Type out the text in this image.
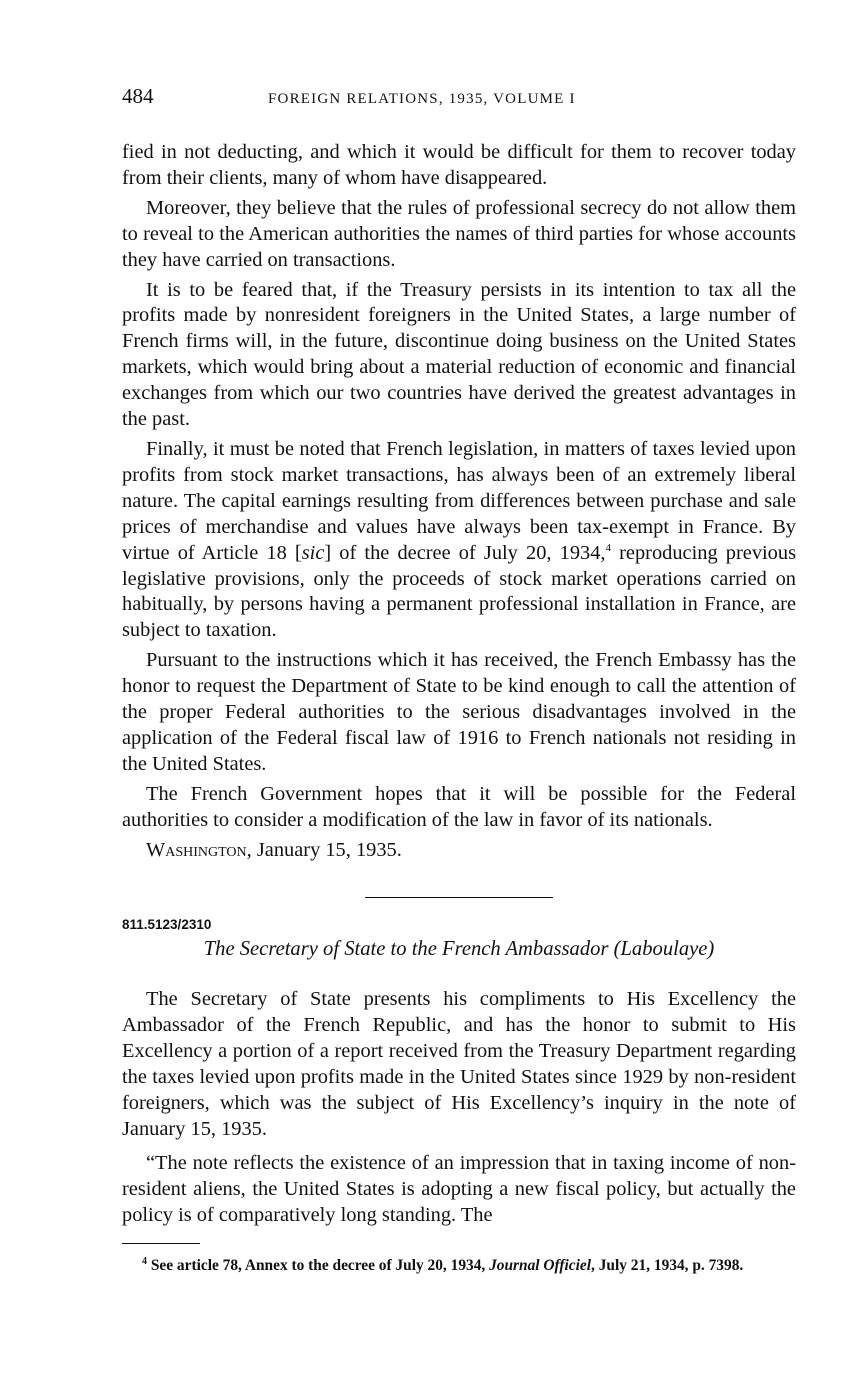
484	FOREIGN RELATIONS, 1935, VOLUME I

fied in not deducting, and which it would be difficult for them to recover today from their clients, many of whom have disappeared.

Moreover, they believe that the rules of professional secrecy do not allow them to reveal to the American authorities the names of third parties for whose accounts they have carried on transactions.

It is to be feared that, if the Treasury persists in its intention to tax all the profits made by nonresident foreigners in the United States, a large number of French firms will, in the future, discontinue doing business on the United States markets, which would bring about a material reduction of economic and financial exchanges from which our two countries have derived the greatest advantages in the past.

Finally, it must be noted that French legislation, in matters of taxes levied upon profits from stock market transactions, has always been of an extremely liberal nature. The capital earnings resulting from differences between purchase and sale prices of merchandise and values have always been tax-exempt in France. By virtue of Article 18 [sic] of the decree of July 20, 1934,$^4$ reproducing previous legislative provisions, only the proceeds of stock market operations carried on habitually, by persons having a permanent professional installation in France, are subject to taxation.

Pursuant to the instructions which it has received, the French Embassy has the honor to request the Department of State to be kind enough to call the attention of the proper Federal authorities to the serious disadvantages involved in the application of the Federal fiscal law of 1916 to French nationals not residing in the United States.

The French Government hopes that it will be possible for the Federal authorities to consider a modification of the law in favor of its nationals.

Washington, January 15, 1935.

811.5123/2310
The Secretary of State to the French Ambassador (Laboulaye)

The Secretary of State presents his compliments to His Excellency the Ambassador of the French Republic, and has the honor to submit to His Excellency a portion of a report received from the Treasury Department regarding the taxes levied upon profits made in the United States since 1929 by non-resident foreigners, which was the subject of His Excellency’s inquiry in the note of January 15, 1935.

“The note reflects the existence of an impression that in taxing income of non-resident aliens, the United States is adopting a new fiscal policy, but actually the policy is of comparatively long standing. The

$^4$ See article 78, Annex to the decree of July 20, 1934, Journal Officiel, July 21, 1934, p. 7398.
